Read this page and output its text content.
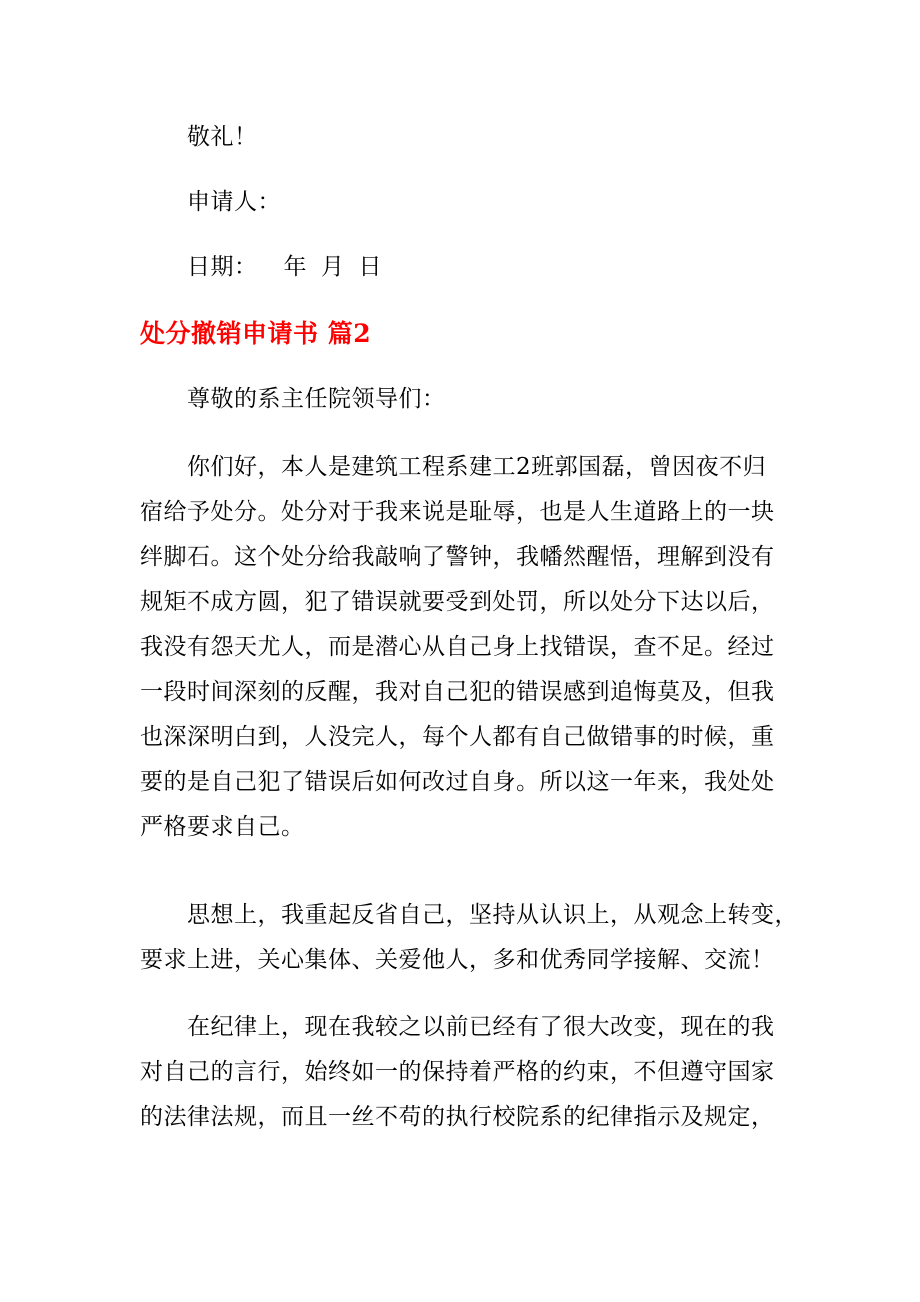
敬礼！
申请人：
日期： 年 月 日
处分撤销申请书 篇2
尊敬的系主任院领导们：
你们好，本人是建筑工程系建工2班郭国磊，曾因夜不归
宿给予处分。处分对于我来说是耻辱，也是人生道路上的一块
绊脚石。这个处分给我敲响了警钟，我幡然醒悟，理解到没有
规矩不成方圆，犯了错误就要受到处罚，所以处分下达以后，
我没有怨天尤人，而是潜心从自己身上找错误，查不足。经过
一段时间深刻的反醒，我对自己犯的错误感到追悔莫及，但我
也深深明白到，人没完人，每个人都有自己做错事的时候，重
要的是自己犯了错误后如何改过自身。所以这一年来，我处处
严格要求自己。
思想上，我重起反省自己，坚持从认识上，从观念上转变，
要求上进，关心集体、关爱他人，多和优秀同学接解、交流！
在纪律上，现在我较之以前已经有了很大改变，现在的我
对自己的言行，始终如一的保持着严格的约束，不但遵守国家
的法律法规，而且一丝不苟的执行校院系的纪律指示及规定，
